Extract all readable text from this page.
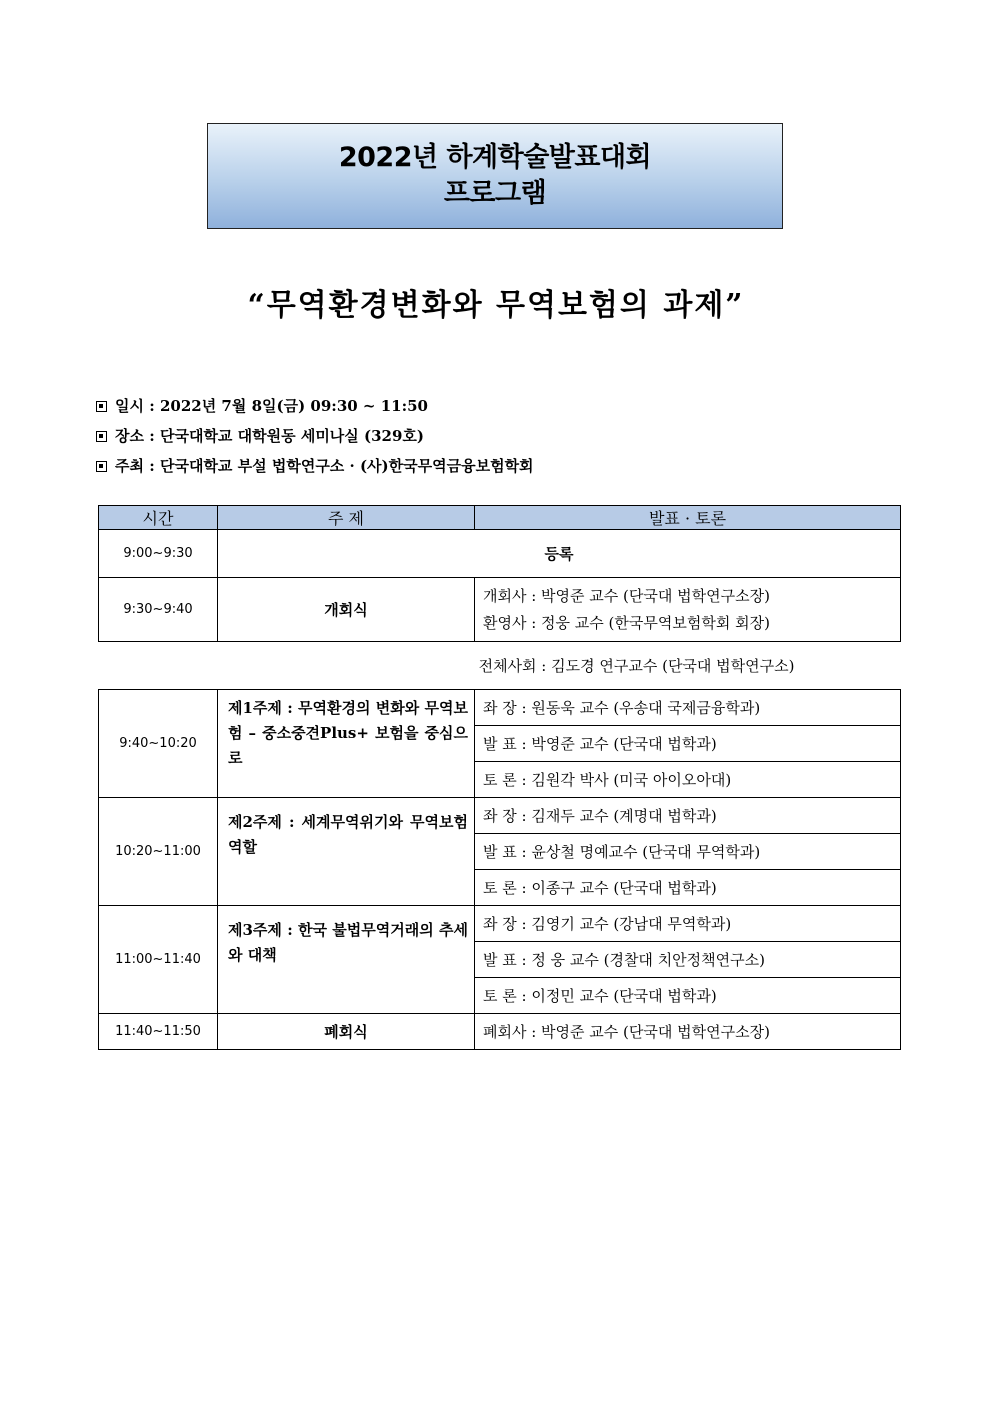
2022년 하계학술발표대회
프로그램
“무역환경변화와 무역보험의 과제”
일시 : 2022년 7월 8일(금) 09:30 ~ 11:50
장소 : 단국대학교 대학원동 세미나실 (329호)
주최 : 단국대학교 부설 법학연구소 · (사)한국무역금융보험학회
시간	주 제	발표 · 토론
9:00~9:30	등록	
9:30~9:40	개회식	개회사 : 박영준 교수 (단국대 법학연구소장)
환영사 : 정웅 교수 (한국무역보험학회 회장)

전체사회 : 김도경 연구교수 (단국대 법학연구소)		
9:40~10:20	제1주제 : 무역환경의 변화와 무역보험 – 중소중견Plus+ 보험을 중심으로	좌 장 : 원동욱 교수 (우송대 국제금융학과)
		발 표 : 박영준 교수 (단국대 법학과)
		토 론 : 김원각 박사 (미국 아이오아대)
10:20~11:00	제2주제 : 세계무역위기와 무역보험 역할	좌 장 : 김재두 교수 (계명대 법학과)
		발 표 : 윤상철 명예교수 (단국대 무역학과)
		토 론 : 이종구 교수 (단국대 법학과)
11:00~11:40	제3주제 : 한국 불법무역거래의 추세와 대책	좌 장 : 김영기 교수 (강남대 무역학과)
		발 표 : 정 웅 교수 (경찰대 치안정책연구소)
		토 론 : 이정민 교수 (단국대 법학과)
11:40~11:50	폐회식	폐회사 : 박영준 교수 (단국대 법학연구소장)
